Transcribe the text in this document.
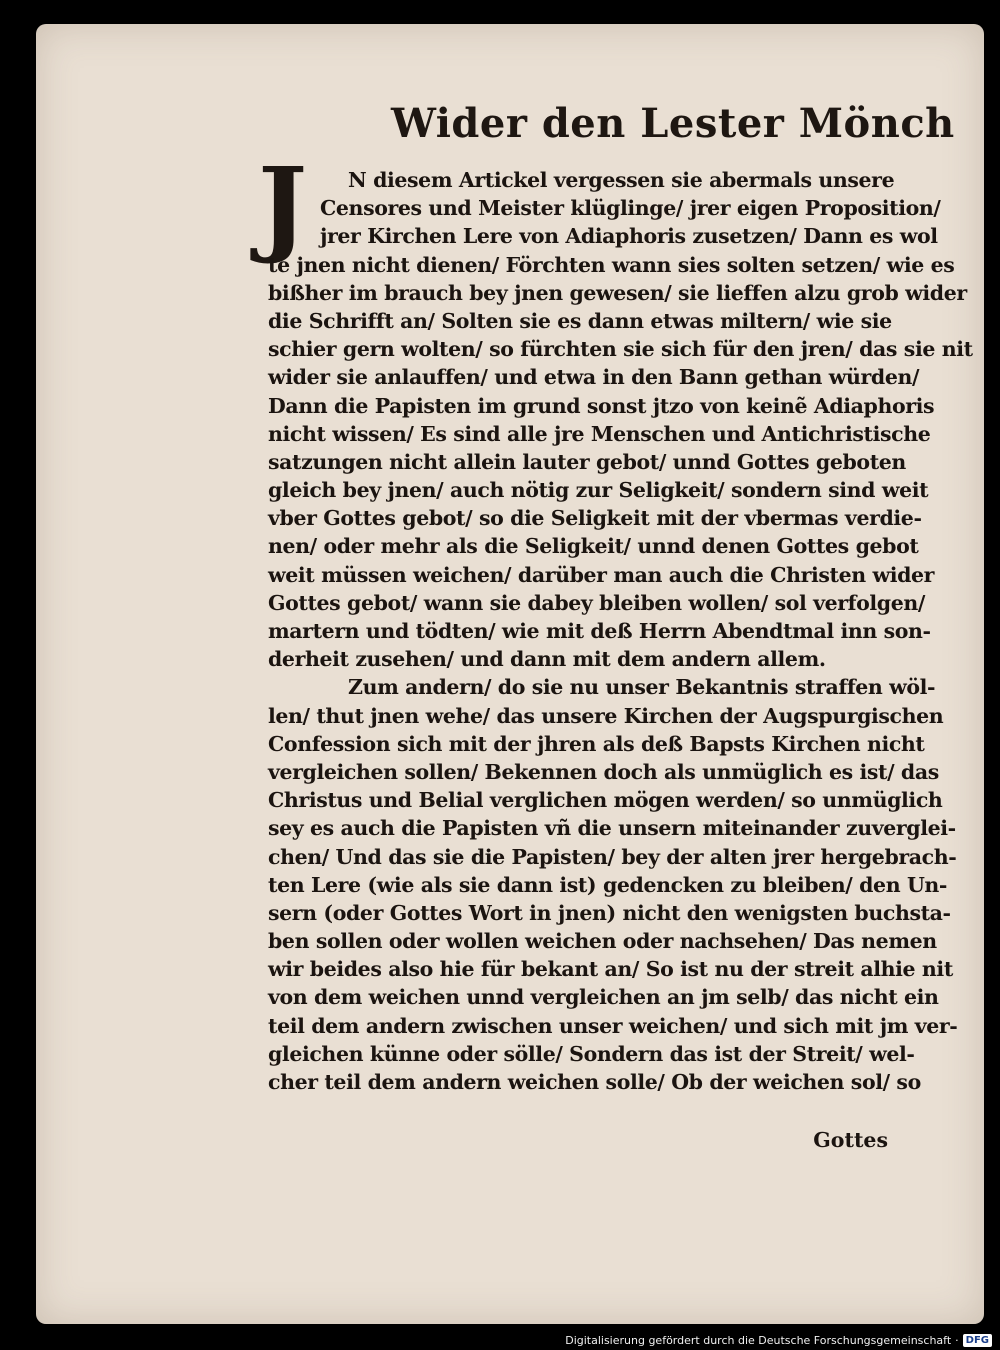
Wider den Lester Mönch
J	N diesem Artickel vergessen sie abermals unsere
Censores und Meister klüglinge/ jrer eigen Proposition/
jrer Kirchen Lere von Adiaphoris zusetzen/ Dann es wol
te jnen nicht dienen/ Förchten wann sies solten setzen/ wie es
bißher im brauch bey jnen gewesen/ sie lieffen alzu grob wider
die Schrifft an/ Solten sie es dann etwas miltern/ wie sie
schier gern wolten/ so fürchten sie sich für den jren/ das sie nit
wider sie anlauffen/ und etwa in den Bann gethan würden/
Dann die Papisten im grund sonst jtzo von keinẽ Adiaphoris
nicht wissen/ Es sind alle jre Menschen und Antichristische
satzungen nicht allein lauter gebot/ unnd Gottes geboten
gleich bey jnen/ auch nötig zur Seligkeit/ sondern sind weit
vber Gottes gebot/ so die Seligkeit mit der vbermas verdie-
nen/ oder mehr als die Seligkeit/ unnd denen Gottes gebot
weit müssen weichen/ darüber man auch die Christen wider
Gottes gebot/ wann sie dabey bleiben wollen/ sol verfolgen/
martern und tödten/ wie mit deß Herrn Abendtmal inn son-
derheit zusehen/ und dann mit dem andern allem.
Zum andern/ do sie nu unser Bekantnis straffen wöl-
len/ thut jnen wehe/ das unsere Kirchen der Augspurgischen
Confession sich mit der jhren als deß Bapsts Kirchen nicht
vergleichen sollen/ Bekennen doch als unmüglich es ist/ das
Christus und Belial verglichen mögen werden/ so unmüglich
sey es auch die Papisten vñ die unsern miteinander zuverglei-
chen/ Und das sie die Papisten/ bey der alten jrer hergebrach-
ten Lere (wie als sie dann ist) gedencken zu bleiben/ den Un-
sern (oder Gottes Wort in jnen) nicht den wenigsten buchsta-
ben sollen oder wollen weichen oder nachsehen/ Das nemen
wir beides also hie für bekant an/ So ist nu der streit alhie nit
von dem weichen unnd vergleichen an jm selb/ das nicht ein
teil dem andern zwischen unser weichen/ und sich mit jm ver-
gleichen künne oder sölle/ Sondern das ist der Streit/ wel-
cher teil dem andern weichen solle/ Ob der weichen sol/ so
Gottes
Digitalisierung gefördert durch die Deutsche Forschungsgemeinschaft · DFG
